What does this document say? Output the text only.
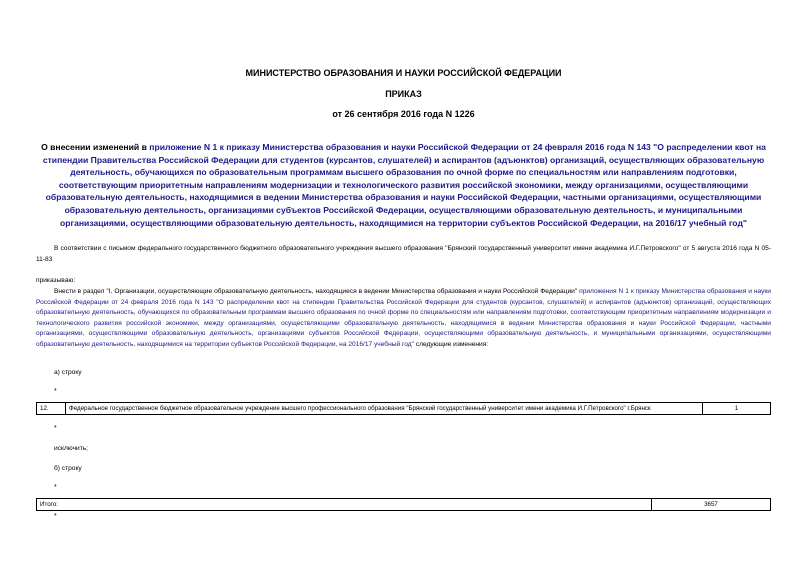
МИНИСТЕРСТВО ОБРАЗОВАНИЯ И НАУКИ РОССИЙСКОЙ ФЕДЕРАЦИИ
ПРИКАЗ
от 26 сентября 2016 года N 1226
О внесении изменений в приложение N 1 к приказу Министерства образования и науки Российской Федерации от 24 февраля 2016 года N 143 "О распределении квот на стипендии Правительства Российской Федерации для студентов (курсантов, слушателей) и аспирантов (адъюнктов) организаций, осуществляющих образовательную деятельность, обучающихся по образовательным программам высшего образования по очной форме по специальностям или направлениям подготовки, соответствующим приоритетным направлениям модернизации и технологического развития российской экономики, между организациями, осуществляющими образовательную деятельность, находящимися в ведении Министерства образования и науки Российской Федерации, частными организациями, осуществляющими образовательную деятельность, организациями субъектов Российской Федерации, осуществляющими образовательную деятельность, и муниципальными организациями, осуществляющими образовательную деятельность, находящимися на территории субъектов Российской Федерации, на 2016/17 учебный год"
В соответствии с письмом федерального государственного бюджетного образовательного учреждения высшего образования "Брянский государственный университет имени академика И.Г.Петровского" от 5 августа 2016 года N 05-11-83
приказываю:
Внести в раздел "I. Организации, осуществляющие образовательную деятельность, находящиеся в ведении Министерства образования и науки Российской Федерации" приложения N 1 к приказу Министерства образования и науки Российской Федерации от 24 февраля 2016 года N 143 "О распределении квот на стипендии Правительства Российской Федерации для студентов (курсантов, слушателей) и аспирантов (адъюнктов) организаций, осуществляющих образовательную деятельность, обучающихся по образовательным программам высшего образования по очной форме по специальностям или направлениям подготовки, соответствующим приоритетным направлениям модернизации и технологического развития российской экономики, между организациями, осуществляющими образовательную деятельность, находящимися в ведении Министерства образования и науки Российской Федерации, частными организациями, осуществляющими образовательную деятельность, организациями субъектов Российской Федерации, осуществляющими образовательную деятельность, и муниципальными организациями, осуществляющими образовательную деятельность, находящимися на территории субъектов Российской Федерации, на 2016/17 учебный год" следующие изменения:
а) строку
*
12.	Федеральное государственное бюджетное образовательное учреждение высшего профессионального образования "Брянский государственный университет имени академика И.Г.Петровского" г.Брянск	1
*
исключить;
б) строку
*
Итого:	3657
*
